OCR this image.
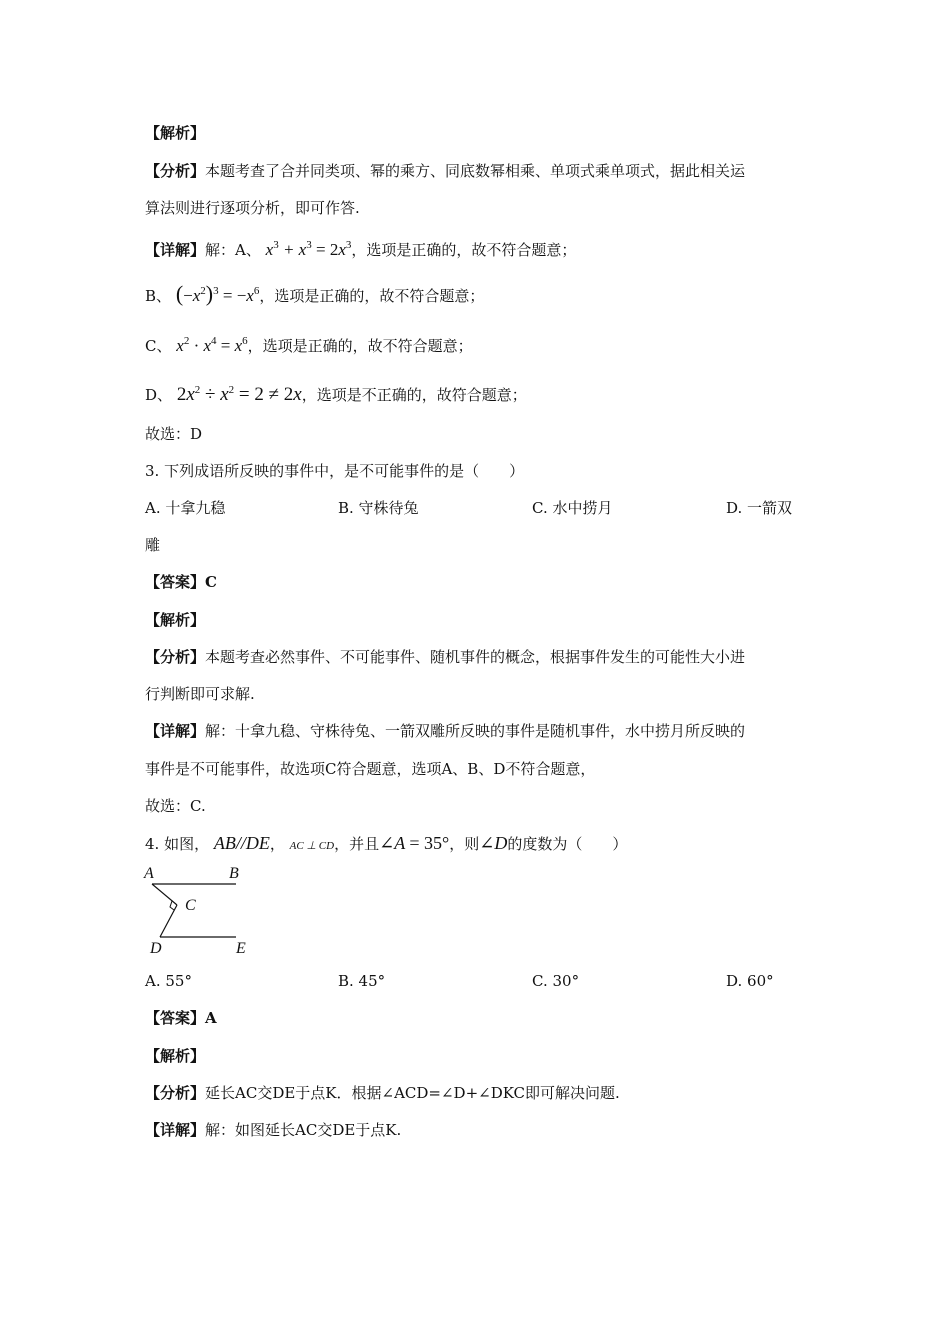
【解析】
【分析】本题考查了合并同类项、幂的乘方、同底数幂相乘、单项式乘单项式，据此相关运
算法则进行逐项分析，即可作答.
【详解】解：A、 $x^3 + x^3 = 2x^3$，选项是正确的，故不符合题意；
B、 $(-x^2)^3 = -x^6$，选项是正确的，故不符合题意；
C、 $x^2 \cdot x^4 = x^6$，选项是正确的，故不符合题意；
D、 $2x^2 \div x^2 = 2 \ne 2x$，选项是不正确的，故符合题意；
故选：D
3. 下列成语所反映的事件中，是不可能事件的是（　　）
A. 十拿九稳	B. 守株待兔	C. 水中捞月	D. 一箭双
雕
【答案】C
【解析】
【分析】本题考查必然事件、不可能事件、随机事件的概念，根据事件发生的可能性大小进
行判断即可求解.
【详解】解：十拿九稳、守株待兔、一箭双雕所反映的事件是随机事件，水中捞月所反映的
事件是不可能事件，故选项C符合题意，选项A、B、D不符合题意，
故选：C.
4. 如图， AB//DE， AC ⊥ CD，并且∠A = 35°，则∠D的度数为（　　）
A	B
C
D	E
A. 55°	B. 45°	C. 30°	D. 60°
【答案】A
【解析】
【分析】延长AC交DE于点K．根据∠ACD=∠D+∠DKC即可解决问题.
【详解】解：如图延长AC交DE于点K.
